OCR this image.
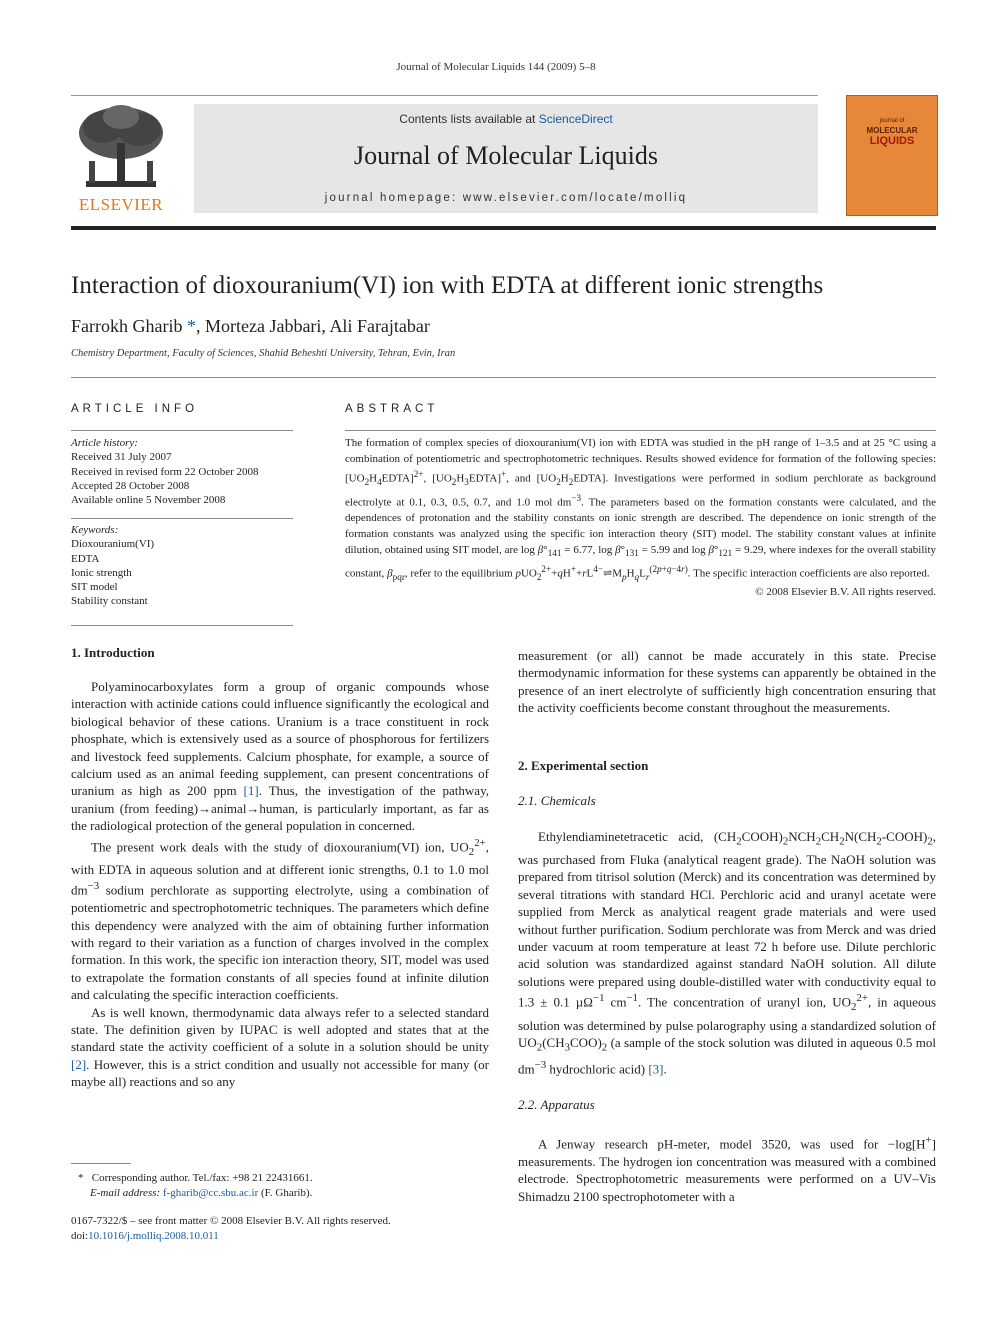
Journal of Molecular Liquids 144 (2009) 5–8
ELSEVIER
Contents lists available at ScienceDirect
Journal of Molecular Liquids
journal homepage: www.elsevier.com/locate/molliq
journal of
MOLECULAR
LIQUIDS
Interaction of dioxouranium(VI) ion with EDTA at different ionic strengths
Farrokh Gharib *, Morteza Jabbari, Ali Farajtabar
Chemistry Department, Faculty of Sciences, Shahid Beheshti University, Tehran, Evin, Iran
ARTICLE INFO
Article history:
Received 31 July 2007
Received in revised form 22 October 2008
Accepted 28 October 2008
Available online 5 November 2008
Keywords:
Dioxouranium(VI)
EDTA
Ionic strength
SIT model
Stability constant
ABSTRACT
The formation of complex species of dioxouranium(VI) ion with EDTA was studied in the pH range of 1–3.5 and at 25 °C using a combination of potentiometric and spectrophotometric techniques. Results showed evidence for formation of the following species: $[UO_2H_4EDTA]^{2+}$, $[UO_2H_3EDTA]^+$, and $[UO_2H_2EDTA]$. Investigations were performed in sodium perchlorate as background electrolyte at 0.1, 0.3, 0.5, 0.7, and 1.0 mol $dm^{-3}$. The parameters based on the formation constants were calculated, and the dependences of protonation and the stability constants on ionic strength are described. The dependence on ionic strength of the formation constants was analyzed using the specific ion interaction theory (SIT) model. The stability constant values at infinite dilution, obtained using SIT model, are $\log \beta^\circ_{141} = 6.77$, $\log \beta^\circ_{131} = 5.99$ and $\log \beta^\circ_{121} = 9.29$, where indexes for the overall stability constant, $\beta_{pqr}$, refer to the equilibrium $pUO_2^{2+}+qH^++rL^{4-}\rightleftharpoons M_pH_qL_r^{(2p+q-4r)}$. The specific interaction coefficients are also reported.
© 2008 Elsevier B.V. All rights reserved.
1. Introduction

Polyaminocarboxylates form a group of organic compounds whose interaction with actinide cations could influence significantly the ecological and biological behavior of these cations. Uranium is a trace constituent in rock phosphate, which is extensively used as a source of phosphorous for fertilizers and livestock feed supplements. Calcium phosphate, for example, a source of calcium used as an animal feeding supplement, can present concentrations of uranium as high as 200 ppm [1]. Thus, the investigation of the pathway, uranium (from feeding)→animal→human, is particularly important, as far as the radiological protection of the general population in concerned.

The present work deals with the study of dioxouranium(VI) ion, $UO_2^{2+}$, with EDTA in aqueous solution and at different ionic strengths, 0.1 to 1.0 mol $dm^{-3}$ sodium perchlorate as supporting electrolyte, using a combination of potentiometric and spectrophotometric techniques. The parameters which define this dependency were analyzed with the aim of obtaining further information with regard to their variation as a function of charges involved in the complex formation. In this work, the specific ion interaction theory, SIT, model was used to extrapolate the formation constants of all species found at infinite dilution and calculating the specific interaction coefficients.

As is well known, thermodynamic data always refer to a selected standard state. The definition given by IUPAC is well adopted and states that at the standard state the activity coefficient of a solute in a solution should be unity [2]. However, this is a strict condition and usually not accessible for many (or maybe all) reactions and so any

* Corresponding author. Tel./fax: +98 21 22431661.
E-mail address: f-gharib@cc.sbu.ac.ir (F. Gharib).
0167-7322/$ – see front matter © 2008 Elsevier B.V. All rights reserved.
doi:10.1016/j.molliq.2008.10.011
measurement (or all) cannot be made accurately in this state. Precise thermodynamic information for these systems can apparently be obtained in the presence of an inert electrolyte of sufficiently high concentration ensuring that the activity coefficients become constant throughout the measurements.
2. Experimental section
2.1. Chemicals

Ethylendiaminetetracetic acid, $(CH_2COOH)_2NCH_2CH_2N(CH_2-COOH)_2$, was purchased from Fluka (analytical reagent grade). The NaOH solution was prepared from titrisol solution (Merck) and its concentration was determined by several titrations with standard HCl. Perchloric acid and uranyl acetate were supplied from Merck as analytical reagent grade materials and were used without further purification. Sodium perchlorate was from Merck and was dried under vacuum at room temperature at least 72 h before use. Dilute perchloric acid solution was standardized against standard NaOH solution. All dilute solutions were prepared using double-distilled water with conductivity equal to 1.3 ± 0.1 µΩ$^{-1}$ $cm^{-1}$. The concentration of uranyl ion, $UO_2^{2+}$, in aqueous solution was determined by pulse polarography using a standardized solution of $UO_2(CH_3COO)_2$ (a sample of the stock solution was diluted in aqueous 0.5 mol $dm^{-3}$ hydrochloric acid) [3].

2.2. Apparatus

A Jenway research pH-meter, model 3520, was used for −log[H+] measurements. The hydrogen ion concentration was measured with a combined electrode. Spectrophotometric measurements were performed on a UV–Vis Shimadzu 2100 spectrophotometer with a
